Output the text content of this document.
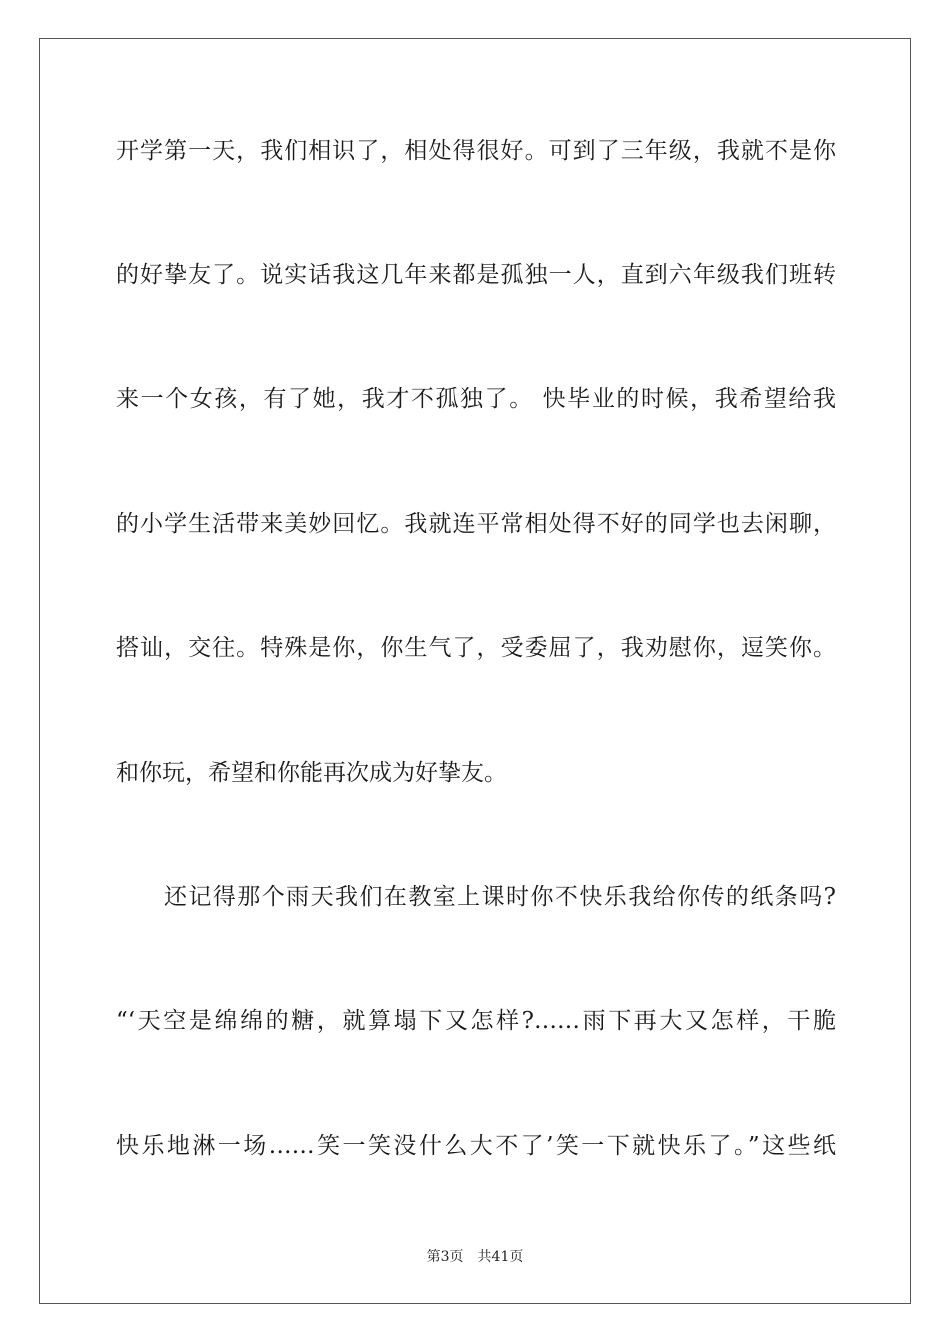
开学第一天，我们相识了，相处得很好。可到了三年级，我就不是你
的好挚友了。说实话我这几年来都是孤独一人，直到六年级我们班转
来一个女孩，有了她，我才不孤独了。 快毕业的时候，我希望给我
的小学生活带来美妙回忆。我就连平常相处得不好的同学也去闲聊，
搭讪，交往。特殊是你，你生气了，受委屈了，我劝慰你，逗笑你。
和你玩，希望和你能再次成为好挚友。
还记得那个雨天我们在教室上课时你不快乐我给你传的纸条吗?
“‘天空是绵绵的糖，就算塌下又怎样?……雨下再大又怎样，干脆
快乐地淋一场……笑一笑没什么大不了’笑一下就快乐了。”这些纸
第3页 共41页
